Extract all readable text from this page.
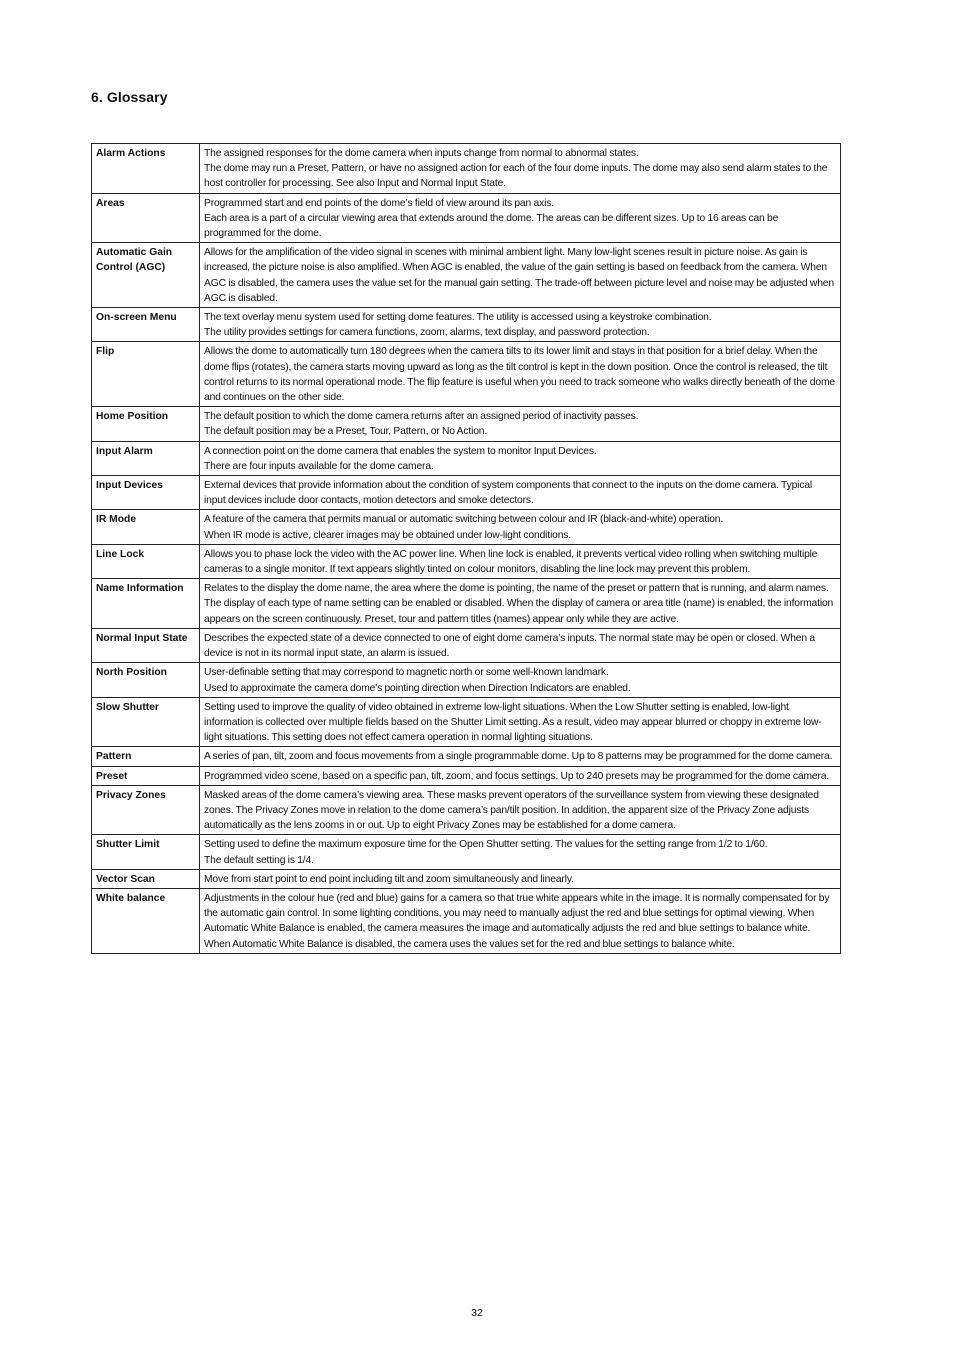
6. Glossary
Alarm Actions	The assigned responses for the dome camera when inputs change from normal to abnormal states.
The dome may run a Preset, Pattern, or have no assigned action for each of the four dome inputs. The dome may also send alarm states to the host controller for processing. See also Input and Normal Input State.
Areas	Programmed start and end points of the dome’s field of view around its pan axis.
Each area is a part of a circular viewing area that extends around the dome. The areas can be different sizes. Up to 16 areas can be programmed for the dome.
Automatic Gain Control (AGC)	Allows for the amplification of the video signal in scenes with minimal ambient light. Many low-light scenes result in picture noise. As gain is increased, the picture noise is also amplified. When AGC is enabled, the value of the gain setting is based on feedback from the camera. When AGC is disabled, the camera uses the value set for the manual gain setting. The trade-off between picture level and noise may be adjusted when AGC is disabled.
On-screen Menu	The text overlay menu system used for setting dome features. The utility is accessed using a keystroke combination.
The utility provides settings for camera functions, zoom, alarms, text display, and password protection.
Flip	Allows the dome to automatically turn 180 degrees when the camera tilts to its lower limit and stays in that position for a brief delay. When the dome flips (rotates), the camera starts moving upward as long as the tilt control is kept in the down position. Once the control is released, the tilt control returns to its normal operational mode. The flip feature is useful when you need to track someone who walks directly beneath of the dome and continues on the other side.
Home Position	The default position to which the dome camera returns after an assigned period of inactivity passes.
The default position may be a Preset, Tour, Pattern, or No Action.
Input Alarm	A connection point on the dome camera that enables the system to monitor Input Devices.
There are four inputs available for the dome camera.
Input Devices	External devices that provide information about the condition of system components that connect to the inputs on the dome camera. Typical input devices include door contacts, motion detectors and smoke detectors.
IR Mode	A feature of the camera that permits manual or automatic switching between colour and IR (black-and-white) operation.
When IR mode is active, clearer images may be obtained under low-light conditions.
Line Lock	Allows you to phase lock the video with the AC power line. When line lock is enabled, it prevents vertical video rolling when switching multiple cameras to a single monitor. If text appears slightly tinted on colour monitors, disabling the line lock may prevent this problem.
Name Information	Relates to the display the dome name, the area where the dome is pointing, the name of the preset or pattern that is running, and alarm names. The display of each type of name setting can be enabled or disabled. When the display of camera or area title (name) is enabled, the information appears on the screen continuously. Preset, tour and pattern titles (names) appear only while they are active.
Normal Input State	Describes the expected state of a device connected to one of eight dome camera’s inputs. The normal state may be open or closed. When a device is not in its normal input state, an alarm is issued.
North Position	User-definable setting that may correspond to magnetic north or some well-known landmark.
Used to approximate the camera dome's pointing direction when Direction Indicators are enabled.
Slow Shutter	Setting used to improve the quality of video obtained in extreme low-light situations. When the Low Shutter setting is enabled, low-light information is collected over multiple fields based on the Shutter Limit setting. As a result, video may appear blurred or choppy in extreme low-light situations. This setting does not effect camera operation in normal lighting situations.
Pattern	A series of pan, tilt, zoom and focus movements from a single programmable dome. Up to 8 patterns may be programmed for the dome camera.
Preset	Programmed video scene, based on a specific pan, tilt, zoom, and focus settings. Up to 240 presets may be programmed for the dome camera.
Privacy Zones	Masked areas of the dome camera’s viewing area. These masks prevent operators of the surveillance system from viewing these designated zones. The Privacy Zones move in relation to the dome camera’s pan/tilt position. In addition, the apparent size of the Privacy Zone adjusts automatically as the lens zooms in or out. Up to eight Privacy Zones may be established for a dome camera.
Shutter Limit	Setting used to define the maximum exposure time for the Open Shutter setting. The values for the setting range from 1/2 to 1/60.
The default setting is 1/4.
Vector Scan	Move from start point to end point including tilt and zoom simultaneously and linearly.
White balance	Adjustments in the colour hue (red and blue) gains for a camera so that true white appears white in the image. It is normally compensated for by the automatic gain control. In some lighting conditions, you may need to manually adjust the red and blue settings for optimal viewing. When Automatic White Balance is enabled, the camera measures the image and automatically adjusts the red and blue settings to balance white. When Automatic White Balance is disabled, the camera uses the values set for the red and blue settings to balance white.
32
